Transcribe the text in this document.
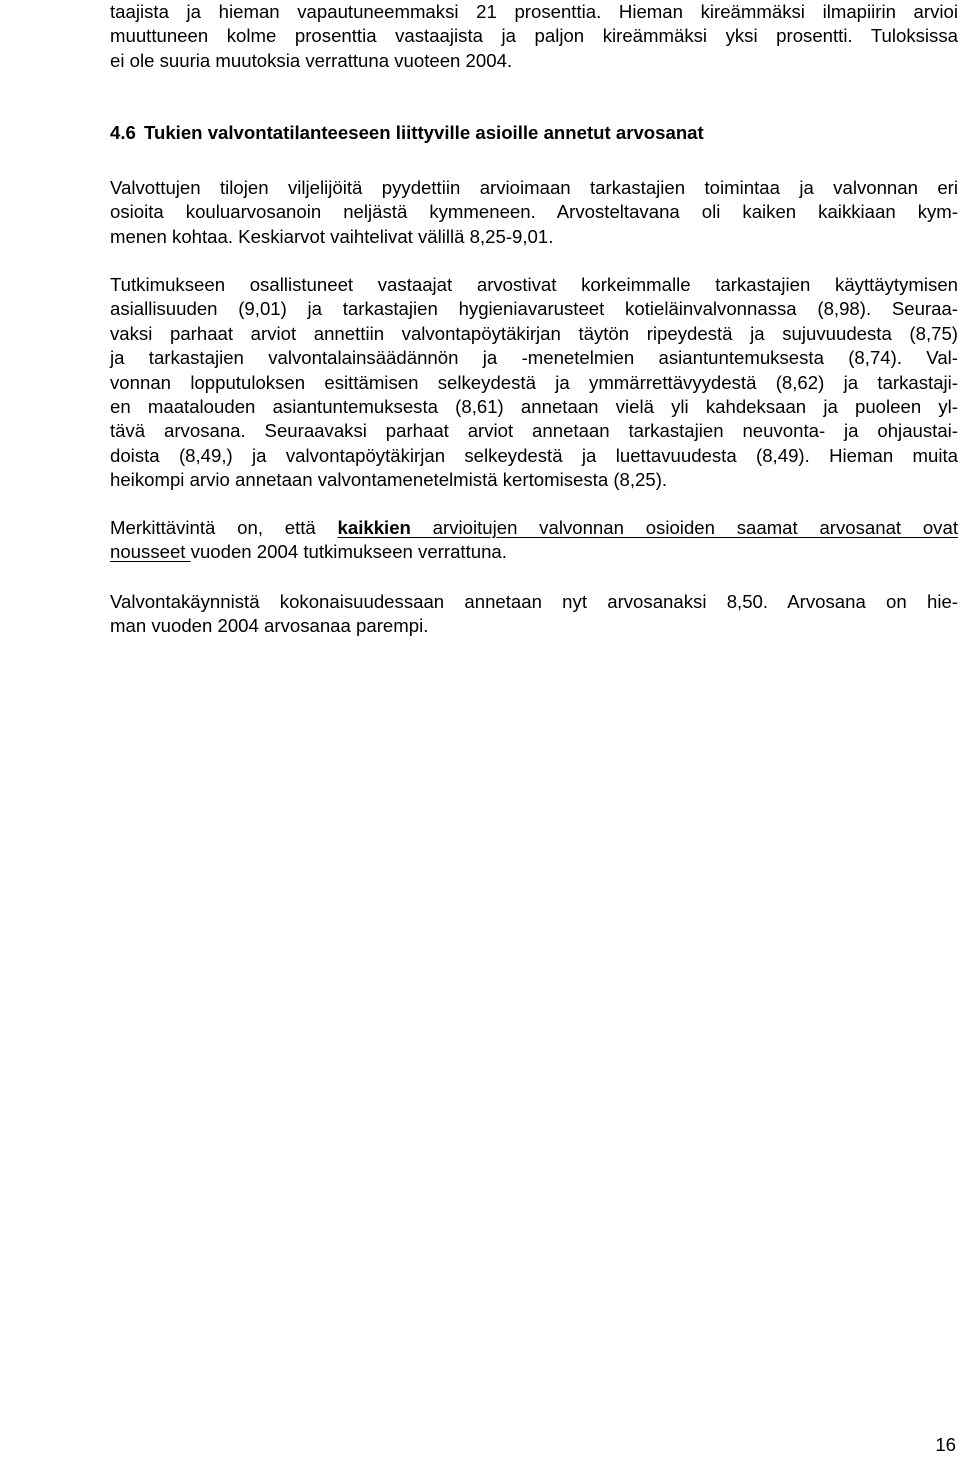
taajista ja hieman vapautuneemmaksi 21 prosenttia. Hieman kireämmäksi ilmapiirin arvioi
muuttuneen kolme prosenttia vastaajista ja paljon kireämmäksi yksi prosentti. Tuloksissa
ei ole suuria muutoksia verrattuna vuoteen 2004.

4.6 Tukien valvontatilanteeseen liittyville asioille annetut arvosanat

Valvottujen tilojen viljelijöitä pyydettiin arvioimaan tarkastajien toimintaa ja valvonnan eri
osioita kouluarvosanoin neljästä kymmeneen. Arvosteltavana oli kaiken kaikkiaan kym-
menen kohtaa. Keskiarvot vaihtelivat välillä 8,25-9,01.

Tutkimukseen osallistuneet vastaajat arvostivat korkeimmalle tarkastajien käyttäytymisen
asiallisuuden (9,01) ja tarkastajien hygieniavarusteet kotieläinvalvonnassa (8,98). Seuraa-
vaksi parhaat arviot annettiin valvontapöytäkirjan täytön ripeydestä ja sujuvuudesta (8,75)
ja tarkastajien valvontalainsäädännön ja -menetelmien asiantuntemuksesta (8,74). Val-
vonnan lopputuloksen esittämisen selkeydestä ja ymmärrettävyydestä (8,62) ja tarkastaji-
en maatalouden asiantuntemuksesta (8,61) annetaan vielä yli kahdeksaan ja puoleen yl-
tävä arvosana. Seuraavaksi parhaat arviot annetaan tarkastajien neuvonta- ja ohjaustai-
doista (8,49,) ja valvontapöytäkirjan selkeydestä ja luettavuudesta (8,49). Hieman muita
heikompi arvio annetaan valvontamenetelmistä kertomisesta (8,25).

Merkittävintä on, että kaikkien arvioitujen valvonnan osioiden saamat arvosanat ovat
nousseet vuoden 2004 tutkimukseen verrattuna.

Valvontakäynnistä kokonaisuudessaan annetaan nyt arvosanaksi 8,50. Arvosana on hie-
man vuoden 2004 arvosanaa parempi.

16
